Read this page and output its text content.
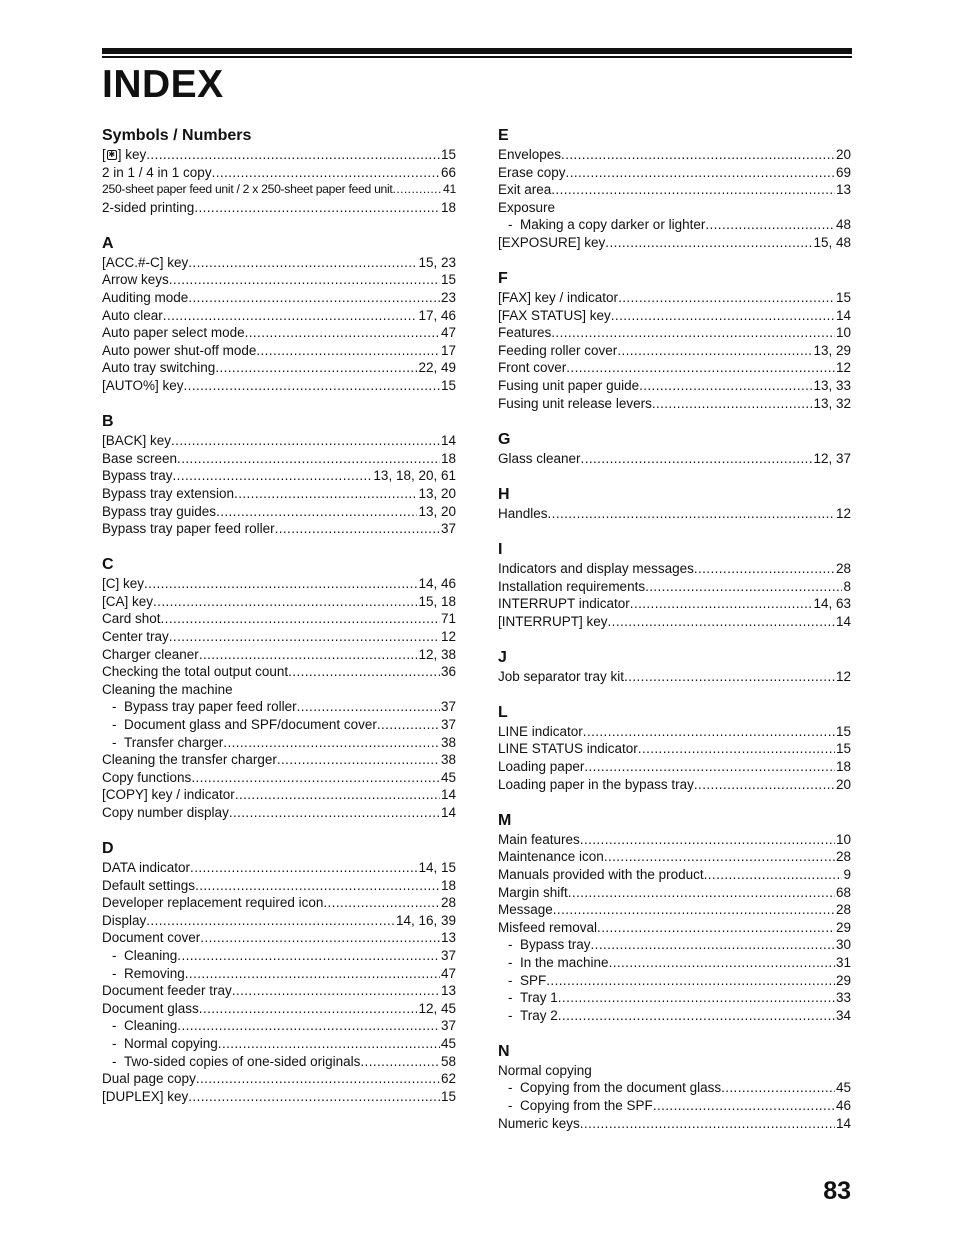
INDEX
Symbols / Numbers
[ ✱ ] key .....	15
2 in 1 / 4 in 1 copy .....	66
250-sheet paper feed unit / 2 x 250-sheet paper feed unit .....	41
2-sided printing .....	18
A
[ACC.#-C] key .....	15, 23
Arrow keys .....	15
Auditing mode .....	23
Auto clear .....	17, 46
Auto paper select mode .....	47
Auto power shut-off mode .....	17
Auto tray switching .....	22, 49
[AUTO%] key .....	15
B
[BACK] key .....	14
Base screen .....	18
Bypass tray .....	13, 18, 20, 61
Bypass tray extension .....	13, 20
Bypass tray guides .....	13, 20
Bypass tray paper feed roller .....	37
C
[C] key .....	14, 46
[CA] key .....	15, 18
Card shot .....	71
Center tray .....	12
Charger cleaner .....	12, 38
Checking the total output count .....	36
Cleaning the machine
-  Bypass tray paper feed roller .....	37
-  Document glass and SPF/document cover .....	37
-  Transfer charger .....	38
Cleaning the transfer charger .....	38
Copy functions .....	45
[COPY] key / indicator .....	14
Copy number display .....	14
D
DATA indicator .....	14, 15
Default settings .....	18
Developer replacement required icon .....	28
Display .....	14, 16, 39
Document cover .....	13
-  Cleaning .....	37
-  Removing .....	47
Document feeder tray .....	13
Document glass .....	12, 45
-  Cleaning .....	37
-  Normal copying .....	45
-  Two-sided copies of one-sided originals .....	58
Dual page copy .....	62
[DUPLEX] key .....	15
E
Envelopes .....	20
Erase copy .....	69
Exit area .....	13
Exposure
-  Making a copy darker or lighter .....	48
[EXPOSURE] key .....	15, 48
F
[FAX] key / indicator .....	15
[FAX STATUS] key .....	14
Features .....	10
Feeding roller cover .....	13, 29
Front cover .....	12
Fusing unit paper guide .....	13, 33
Fusing unit release levers .....	13, 32
G
Glass cleaner .....	12, 37
H
Handles .....	12
I
Indicators and display messages .....	28
Installation requirements .....	8
INTERRUPT indicator .....	14, 63
[INTERRUPT] key .....	14
J
Job separator tray kit .....	12
L
LINE indicator .....	15
LINE STATUS indicator .....	15
Loading paper .....	18
Loading paper in the bypass tray .....	20
M
Main features .....	10
Maintenance icon .....	28
Manuals provided with the product .....	9
Margin shift .....	68
Message .....	28
Misfeed removal .....	29
-  Bypass tray .....	30
-  In the machine .....	31
-  SPF .....	29
-  Tray 1 .....	33
-  Tray 2 .....	34
N
Normal copying
-  Copying from the document glass .....	45
-  Copying from the SPF .....	46
Numeric keys .....	14

83
